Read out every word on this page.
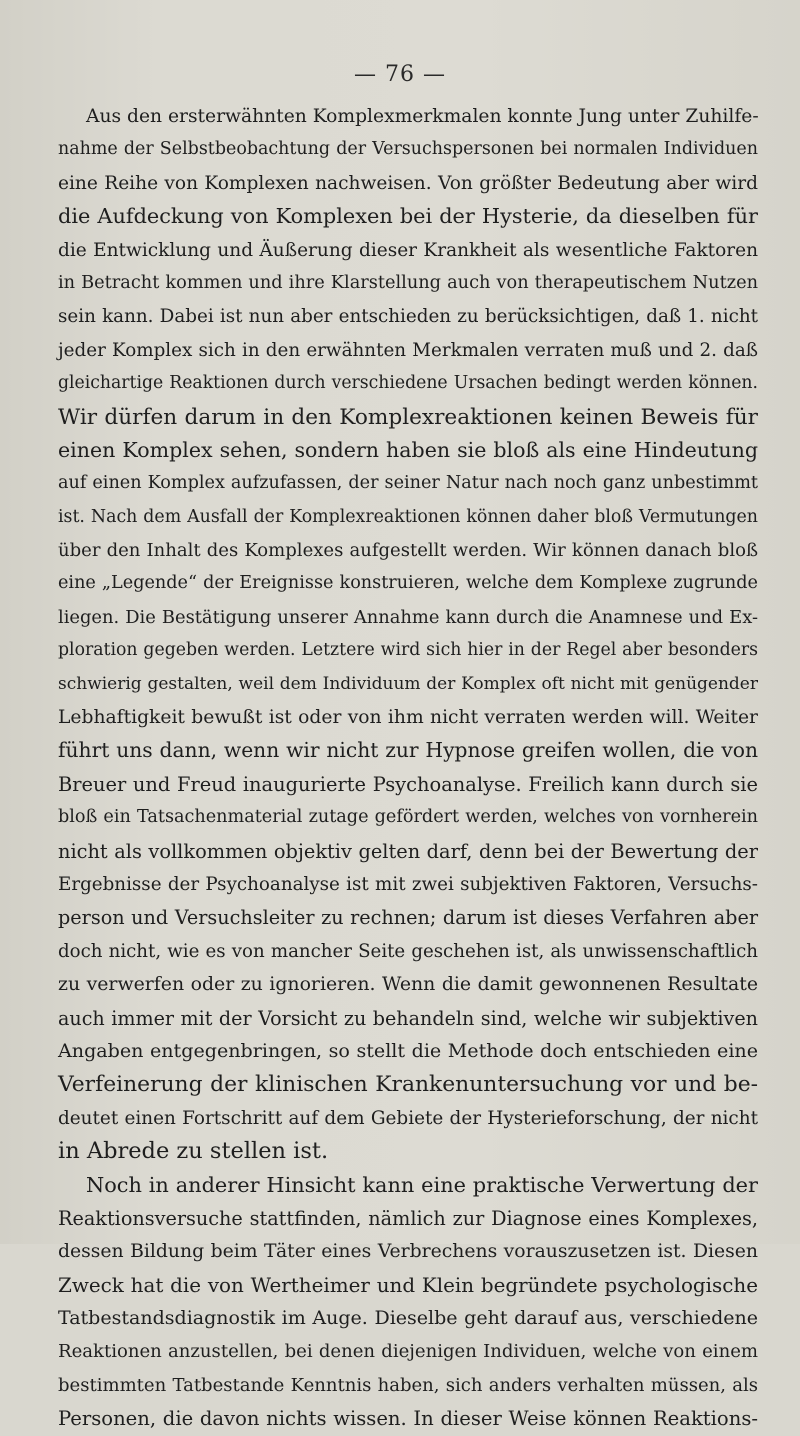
— 76 —
Aus den ersterwähnten Komplexmerkmalen konnte Jung unter Zuhilfe-
nahme der Selbstbeobachtung der Versuchspersonen bei normalen Individuen
eine Reihe von Komplexen nachweisen. Von größter Bedeutung aber wird
die Aufdeckung von Komplexen bei der Hysterie, da dieselben für
die Entwicklung und Äußerung dieser Krankheit als wesentliche Faktoren
in Betracht kommen und ihre Klarstellung auch von therapeutischem Nutzen
sein kann. Dabei ist nun aber entschieden zu berücksichtigen, daß 1. nicht
jeder Komplex sich in den erwähnten Merkmalen verraten muß und 2. daß
gleichartige Reaktionen durch verschiedene Ursachen bedingt werden können.
Wir dürfen darum in den Komplexreaktionen keinen Beweis für
einen Komplex sehen, sondern haben sie bloß als eine Hindeutung
auf einen Komplex aufzufassen, der seiner Natur nach noch ganz unbestimmt
ist. Nach dem Ausfall der Komplexreaktionen können daher bloß Vermutungen
über den Inhalt des Komplexes aufgestellt werden. Wir können danach bloß
eine „Legende“ der Ereignisse konstruieren, welche dem Komplexe zugrunde
liegen. Die Bestätigung unserer Annahme kann durch die Anamnese und Ex-
ploration gegeben werden. Letztere wird sich hier in der Regel aber besonders
schwierig gestalten, weil dem Individuum der Komplex oft nicht mit genügender
Lebhaftigkeit bewußt ist oder von ihm nicht verraten werden will. Weiter
führt uns dann, wenn wir nicht zur Hypnose greifen wollen, die von
Breuer und Freud inaugurierte Psychoanalyse. Freilich kann durch sie
bloß ein Tatsachenmaterial zutage gefördert werden, welches von vornherein
nicht als vollkommen objektiv gelten darf, denn bei der Bewertung der
Ergebnisse der Psychoanalyse ist mit zwei subjektiven Faktoren, Versuchs-
person und Versuchsleiter zu rechnen; darum ist dieses Verfahren aber
doch nicht, wie es von mancher Seite geschehen ist, als unwissenschaftlich
zu verwerfen oder zu ignorieren. Wenn die damit gewonnenen Resultate
auch immer mit der Vorsicht zu behandeln sind, welche wir subjektiven
Angaben entgegenbringen, so stellt die Methode doch entschieden eine
Verfeinerung der klinischen Krankenuntersuchung vor und be-
deutet einen Fortschritt auf dem Gebiete der Hysterieforschung, der nicht
in Abrede zu stellen ist.
Noch in anderer Hinsicht kann eine praktische Verwertung der
Reaktionsversuche stattfinden, nämlich zur Diagnose eines Komplexes,
dessen Bildung beim Täter eines Verbrechens vorauszusetzen ist. Diesen
Zweck hat die von Wertheimer und Klein begründete psychologische
Tatbestandsdiagnostik im Auge. Dieselbe geht darauf aus, verschiedene
Reaktionen anzustellen, bei denen diejenigen Individuen, welche von einem
bestimmten Tatbestande Kenntnis haben, sich anders verhalten müssen, als
Personen, die davon nichts wissen. In dieser Weise können Reaktions-
